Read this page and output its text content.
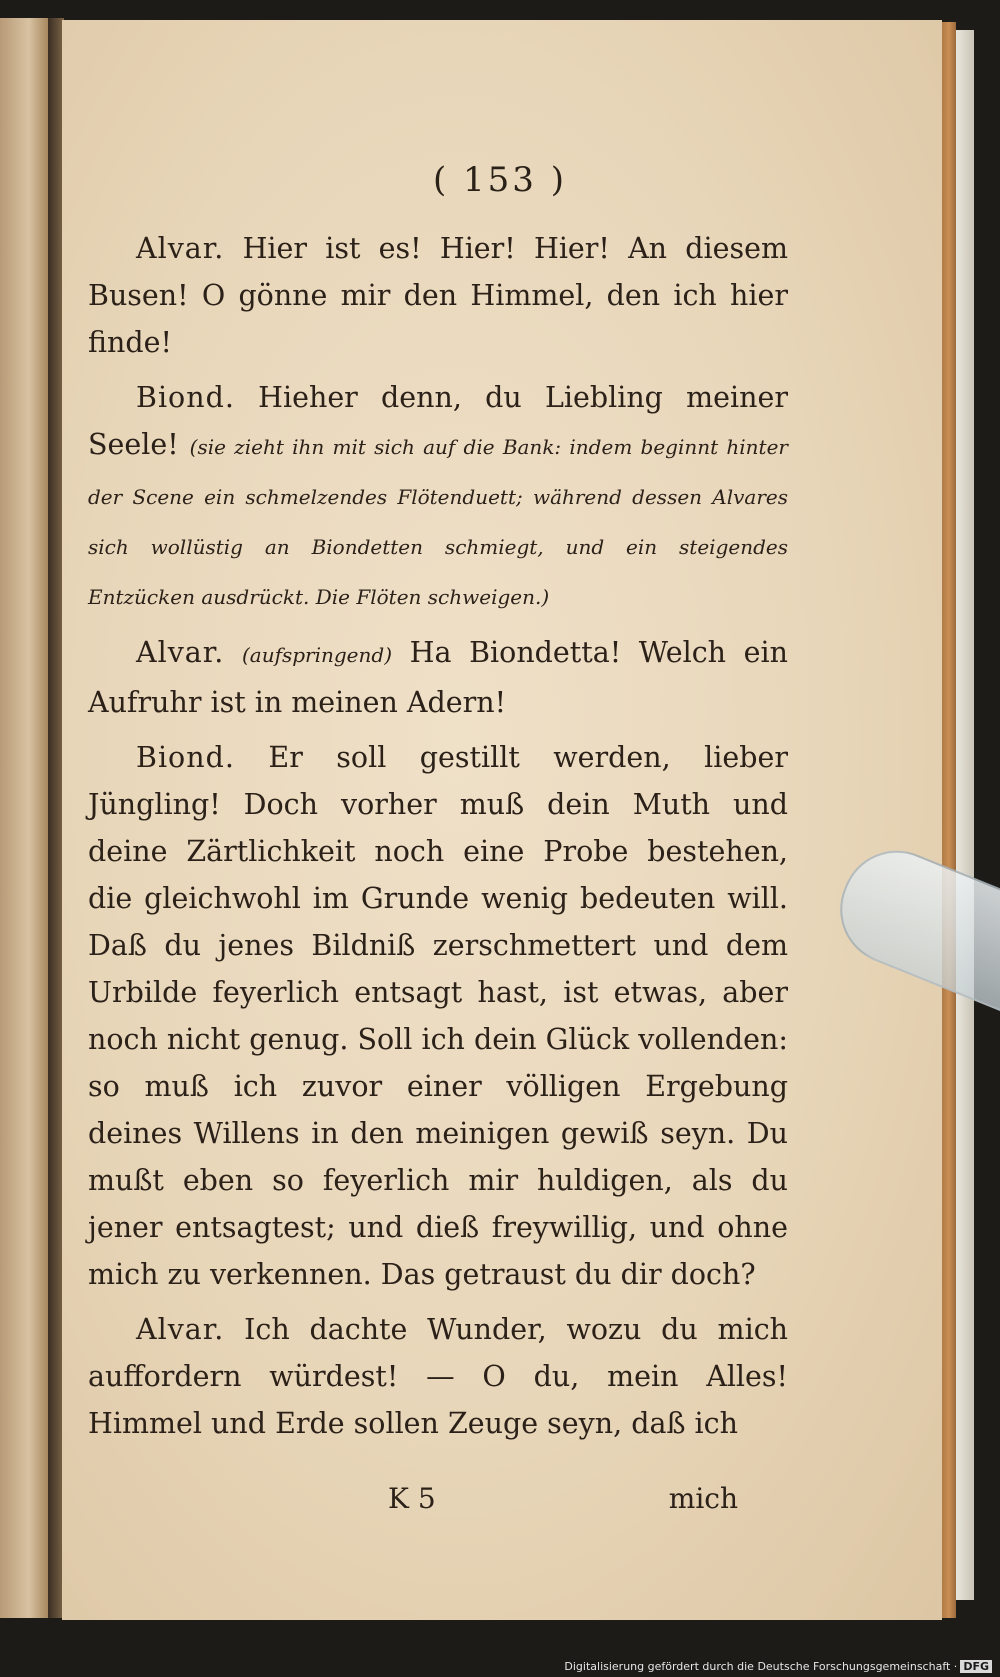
( 153 )

Alvar. Hier ist es! Hier! Hier! An diesem Busen! O gönne mir den Himmel, den ich hier finde!

Biond. Hieher denn, du Liebling meiner Seele! (sie zieht ihn mit sich auf die Bank: indem beginnt hinter der Scene ein schmelzendes Flötenduett; während dessen Alvares sich wollüstig an Biondetten schmiegt, und ein steigendes Entzücken ausdrückt. Die Flöten schweigen.)

Alvar. (aufspringend) Ha Biondetta! Welch ein Aufruhr ist in meinen Adern!

Biond. Er soll gestillt werden, lieber Jüngling! Doch vorher muß dein Muth und deine Zärtlichkeit noch eine Probe bestehen, die gleichwohl im Grunde wenig bedeuten will. Daß du jenes Bildniß zerschmettert und dem Urbilde feyerlich entsagt hast, ist etwas, aber noch nicht genug. Soll ich dein Glück vollenden: so muß ich zuvor einer völligen Ergebung deines Willens in den meinigen gewiß seyn. Du mußt eben so feyerlich mir huldigen, als du jener entsagtest; und dieß freywillig, und ohne mich zu verkennen. Das getraust du dir doch?

Alvar. Ich dachte Wunder, wozu du mich auffordern würdest! — O du, mein Alles! Himmel und Erde sollen Zeuge seyn, daß ich

K 5	mich
Digitalisierung gefördert durch die Deutsche Forschungsgemeinschaft · DFG
